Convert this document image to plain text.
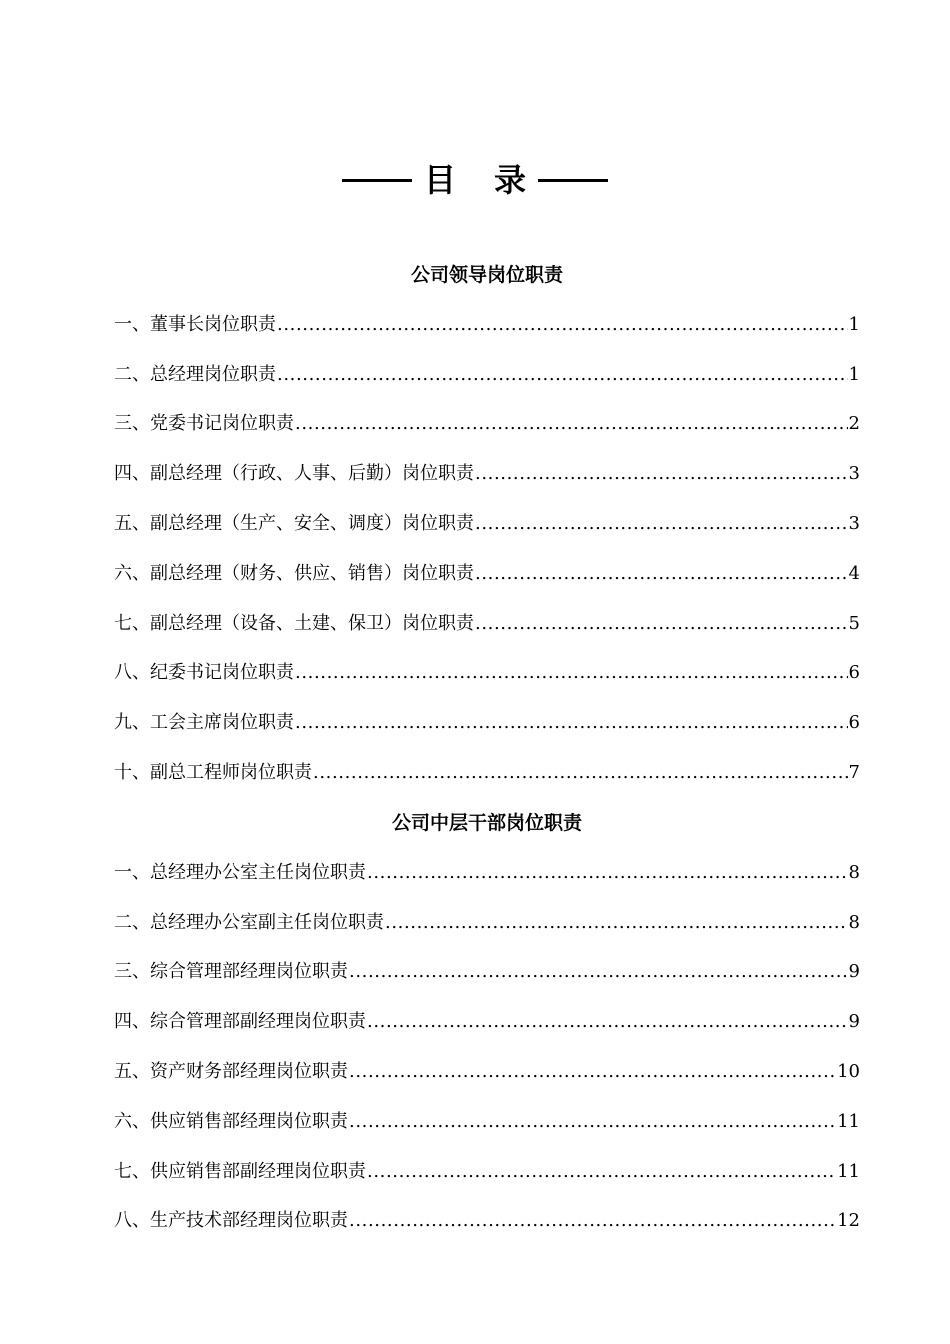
目录
公司领导岗位职责
一、董事长岗位职责 .....	1
二、总经理岗位职责 .....	1
三、党委书记岗位职责 .....	2
四、副总经理（行政、人事、后勤）岗位职责 .....	3
五、副总经理（生产、安全、调度）岗位职责 .....	3
六、副总经理（财务、供应、销售）岗位职责 .....	4
七、副总经理（设备、土建、保卫）岗位职责 .....	5
八、纪委书记岗位职责 .....	6
九、工会主席岗位职责 .....	6
十、副总工程师岗位职责 .....	7
公司中层干部岗位职责
一、总经理办公室主任岗位职责 .....	8
二、总经理办公室副主任岗位职责 .....	8
三、综合管理部经理岗位职责 .....	9
四、综合管理部副经理岗位职责 .....	9
五、资产财务部经理岗位职责 .....	10
六、供应销售部经理岗位职责 .....	11
七、供应销售部副经理岗位职责 .....	11
八、生产技术部经理岗位职责 .....	12
